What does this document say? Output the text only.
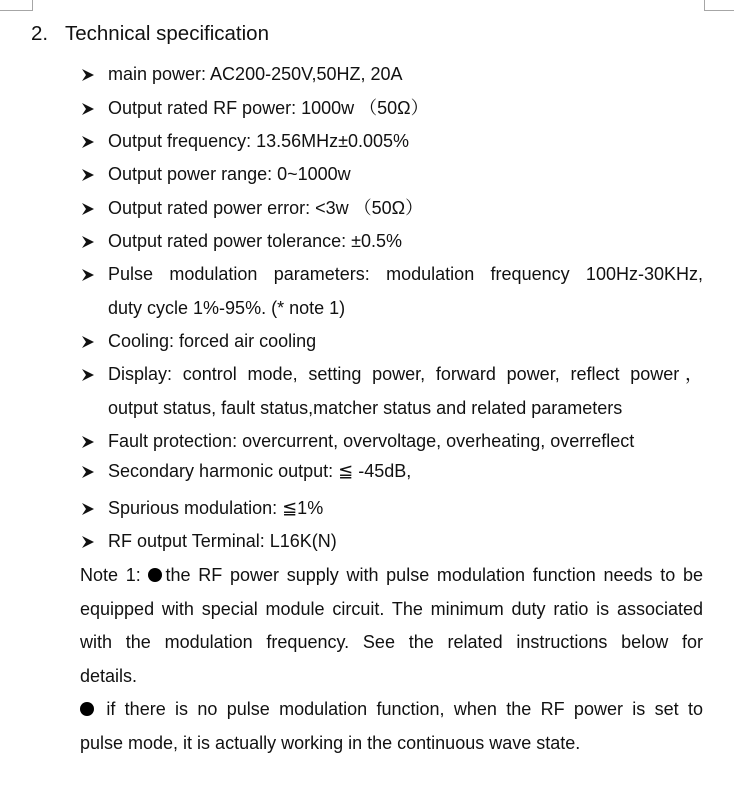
2. Technical specification
main power: AC200-250V,50HZ, 20A
Output rated RF power: 1000w （50Ω）
Output frequency: 13.56MHz±0.005%
Output power range: 0~1000w
Output rated power error: <3w （50Ω）
Output rated power tolerance: ±0.5%
Pulse modulation parameters: modulation frequency 100Hz-30KHz,
duty cycle 1%-95%. (* note 1)
Cooling: forced air cooling
Display: control mode, setting power, forward power, reflect power，
output status, fault status,matcher status and related parameters
Fault protection: overcurrent, overvoltage, overheating, overreflect
Secondary harmonic output: ≦ -45dB,
Spurious modulation: ≦1%
RF output Terminal: L16K(N)
Note 1: the RF power supply with pulse modulation function needs to be
equipped with special module circuit. The minimum duty ratio is associated
with the modulation frequency. See the related instructions below for
details.
if there is no pulse modulation function, when the RF power is set to
pulse mode, it is actually working in the continuous wave state.
